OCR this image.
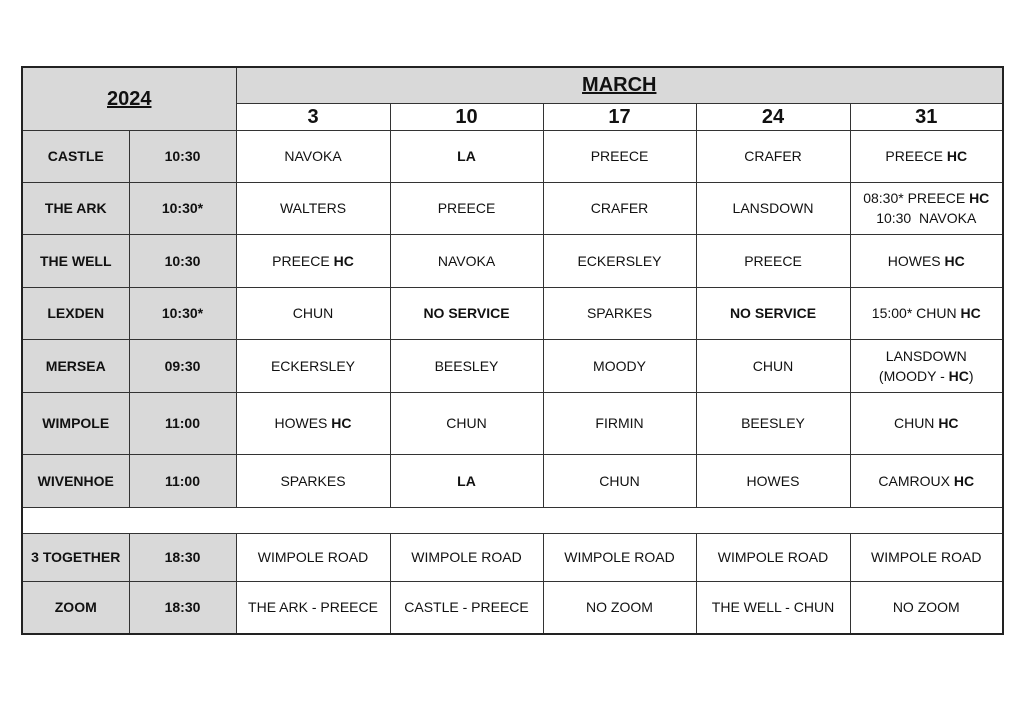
2024		MARCH				
		3	10	17	24	31
CASTLE	10:30	NAVOKA	LA	PREECE	CRAFER	PREECE HC
THE ARK	10:30*	WALTERS	PREECE	CRAFER	LANSDOWN	08:30* PREECE HC
10:30  NAVOKA
THE WELL	10:30	PREECE HC	NAVOKA	ECKERSLEY	PREECE	HOWES HC
LEXDEN	10:30*	CHUN	NO SERVICE	SPARKES	NO SERVICE	15:00* CHUN HC
MERSEA	09:30	ECKERSLEY	BEESLEY	MOODY	CHUN	LANSDOWN
(MOODY - HC)
WIMPOLE	11:00	HOWES HC	CHUN	FIRMIN	BEESLEY	CHUN HC
WIVENHOE	11:00	SPARKES	LA	CHUN	HOWES	CAMROUX HC

3 TOGETHER	18:30	WIMPOLE ROAD	WIMPOLE ROAD	WIMPOLE ROAD	WIMPOLE ROAD	WIMPOLE ROAD
ZOOM	18:30	THE ARK - PREECE	CASTLE - PREECE	NO ZOOM	THE WELL - CHUN	NO ZOOM
